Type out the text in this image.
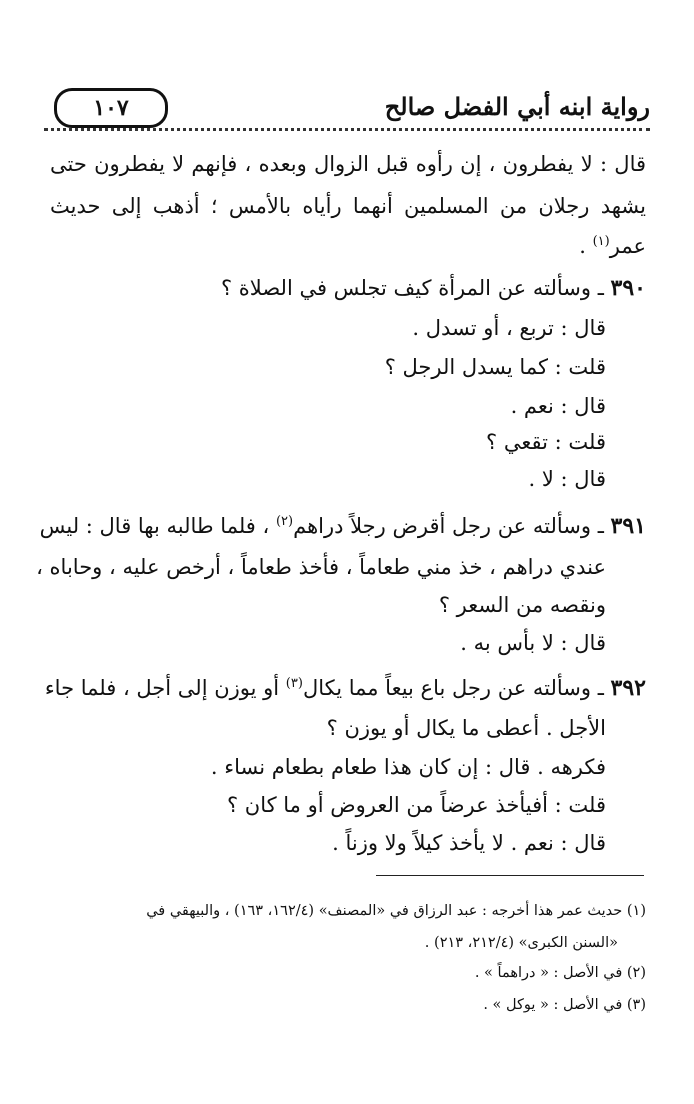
رواية ابنه أبي الفضل صالح
١٠٧
قال : لا يفطرون ، إن رأوه قبل الزوال وبعده ، فإنهم لا يفطرون حتى
يشهد رجلان من المسلمين أنهما رأياه بالأمس ؛ أذهب إلى حديث
عمر$^{(١)}$ .
٣٩٠ ـ وسألته عن المرأة كيف تجلس في الصلاة ؟
قال : تربع ، أو تسدل .
قلت : كما يسدل الرجل ؟
قال : نعم .
قلت : تقعي ؟
قال : لا .
٣٩١ ـ وسألته عن رجل أقرض رجلاً دراهم$^{(٢)}$ ، فلما طالبه بها قال : ليس
عندي دراهم ، خذ مني طعاماً ، فأخذ طعاماً ، أرخص عليه ، وحاباه ،
ونقصه من السعر ؟
قال : لا بأس به .
٣٩٢ ـ وسألته عن رجل باع بيعاً مما يكال$^{(٣)}$ أو يوزن إلى أجل ، فلما جاء
الأجل . أعطى ما يكال أو يوزن ؟
فكرهه . قال : إن كان هذا طعام بطعام نساء .
قلت : أفيأخذ عرضاً من العروض أو ما كان ؟
قال : نعم . لا يأخذ كيلاً ولا وزناً .
(١) حديث عمر هذا أخرجه : عبد الرزاق في «المصنف» (١٦٢/٤، ١٦٣) ، والبيهقي في
«السنن الكبرى» (٢١٢/٤، ٢١٣) .
(٢) في الأصل : « دراهماً » .
(٣) في الأصل : « يوكل » .
